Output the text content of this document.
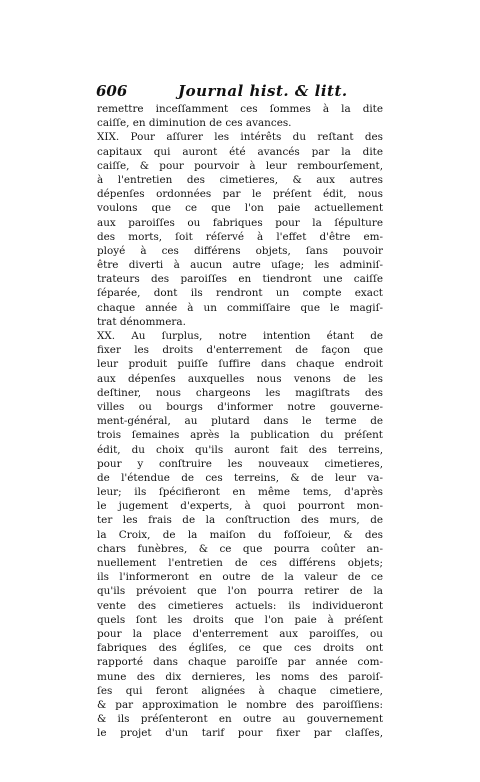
606	Journal hist. & litt.
remettre inceſſamment ces ſommes à la dite
caiſſe, en diminution de ces avances.
XIX. Pour aſſurer les intérêts du reſtant des
capitaux qui auront été avancés par la dite
caiſſe, & pour pourvoir à leur rembourſement,
à l'entretien des cimetieres, & aux autres
dépenſes ordonnées par le préſent édit, nous
voulons que ce que l'on paie actuellement
aux paroiſſes ou fabriques pour la ſépulture
des morts, ſoit réſervé à l'effet d'être em-
ployé à ces différens objets, ſans pouvoir
être diverti à aucun autre uſage; les adminiſ-
trateurs des paroiſſes en tiendront une caiſſe
ſéparée, dont ils rendront un compte exact
chaque année à un commiſſaire que le magiſ-
trat dénommera.
XX. Au ſurplus, notre intention étant de
fixer les droits d'enterrement de façon que
leur produit puiſſe ſuffire dans chaque endroit
aux dépenſes auxquelles nous venons de les
deſtiner, nous chargeons les magiſtrats des
villes ou bourgs d'informer notre gouverne-
ment-général, au plutard dans le terme de
trois ſemaines après la publication du préſent
édit, du choix qu'ils auront fait des terreins,
pour y conſtruire les nouveaux cimetieres,
de l'étendue de ces terreins, & de leur va-
leur; ils ſpécifieront en même tems, d'après
le jugement d'experts, à quoi pourront mon-
ter les frais de la conſtruction des murs, de
la Croix, de la maiſon du foſſoieur, & des
chars funèbres, & ce que pourra coûter an-
nuellement l'entretien de ces différens objets;
ils l'informeront en outre de la valeur de ce
qu'ils prévoient que l'on pourra retirer de la
vente des cimetieres actuels: ils individueront
quels ſont les droits que l'on paie à préſent
pour la place d'enterrement aux paroiſſes, ou
fabriques des égliſes, ce que ces droits ont
rapporté dans chaque paroiſſe par année com-
mune des dix dernieres, les noms des paroiſ-
ſes qui feront alignées à chaque cimetiere,
& par approximation le nombre des paroiſſiens:
& ils préſenteront en outre au gouvernement
le projet d'un tarif pour fixer par claſſes,
